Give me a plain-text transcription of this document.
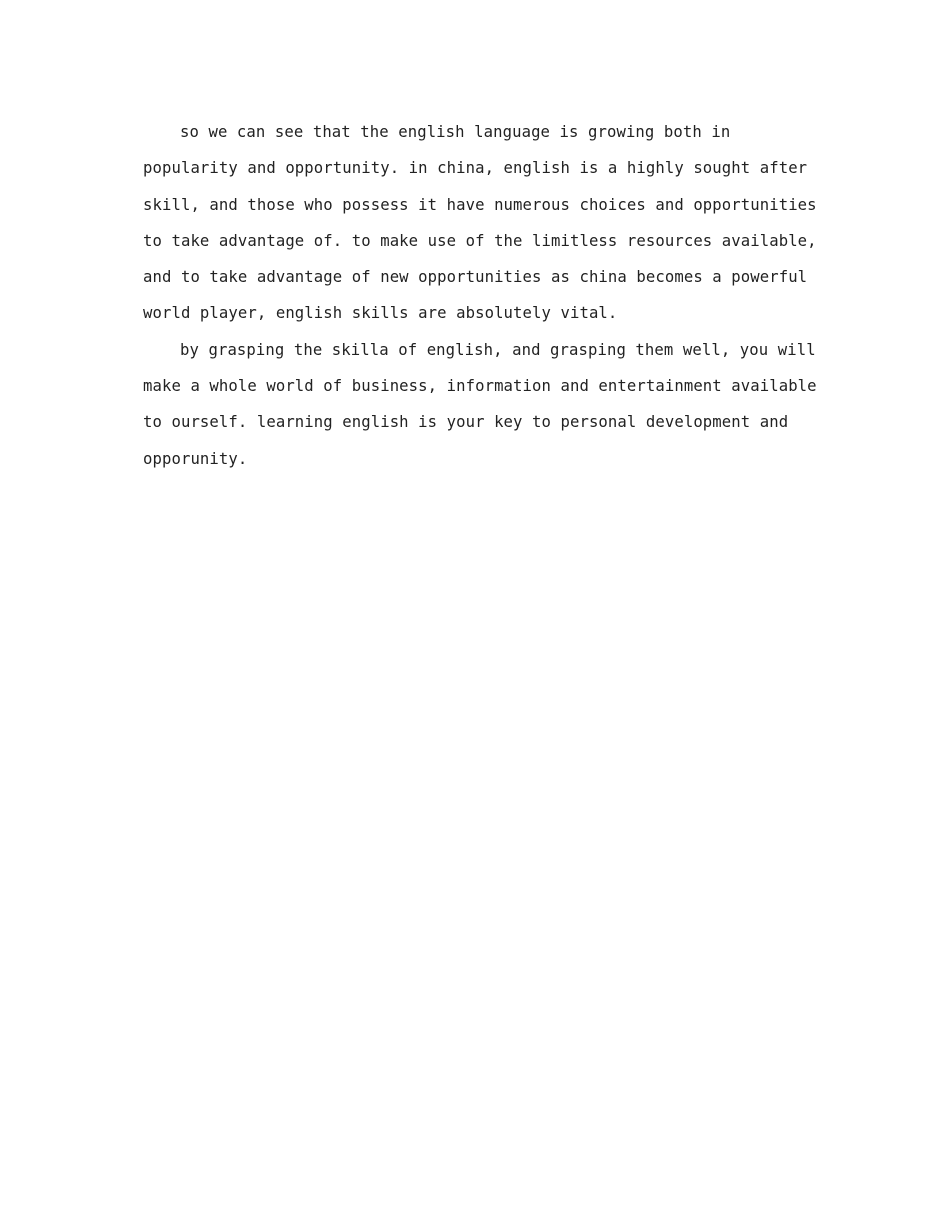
so we can see that the english language is growing both in
popularity and opportunity. in china, english is a highly sought after
skill, and those who possess it have numerous choices and opportunities
to take advantage of. to make use of the limitless resources available,
and to take advantage of new opportunities as china becomes a powerful
world player, english skills are absolutely vital.

by grasping the skilla of english, and grasping them well, you will
make a whole world of business, information and entertainment available
to ourself. learning english is your key to personal development and
opporunity.
